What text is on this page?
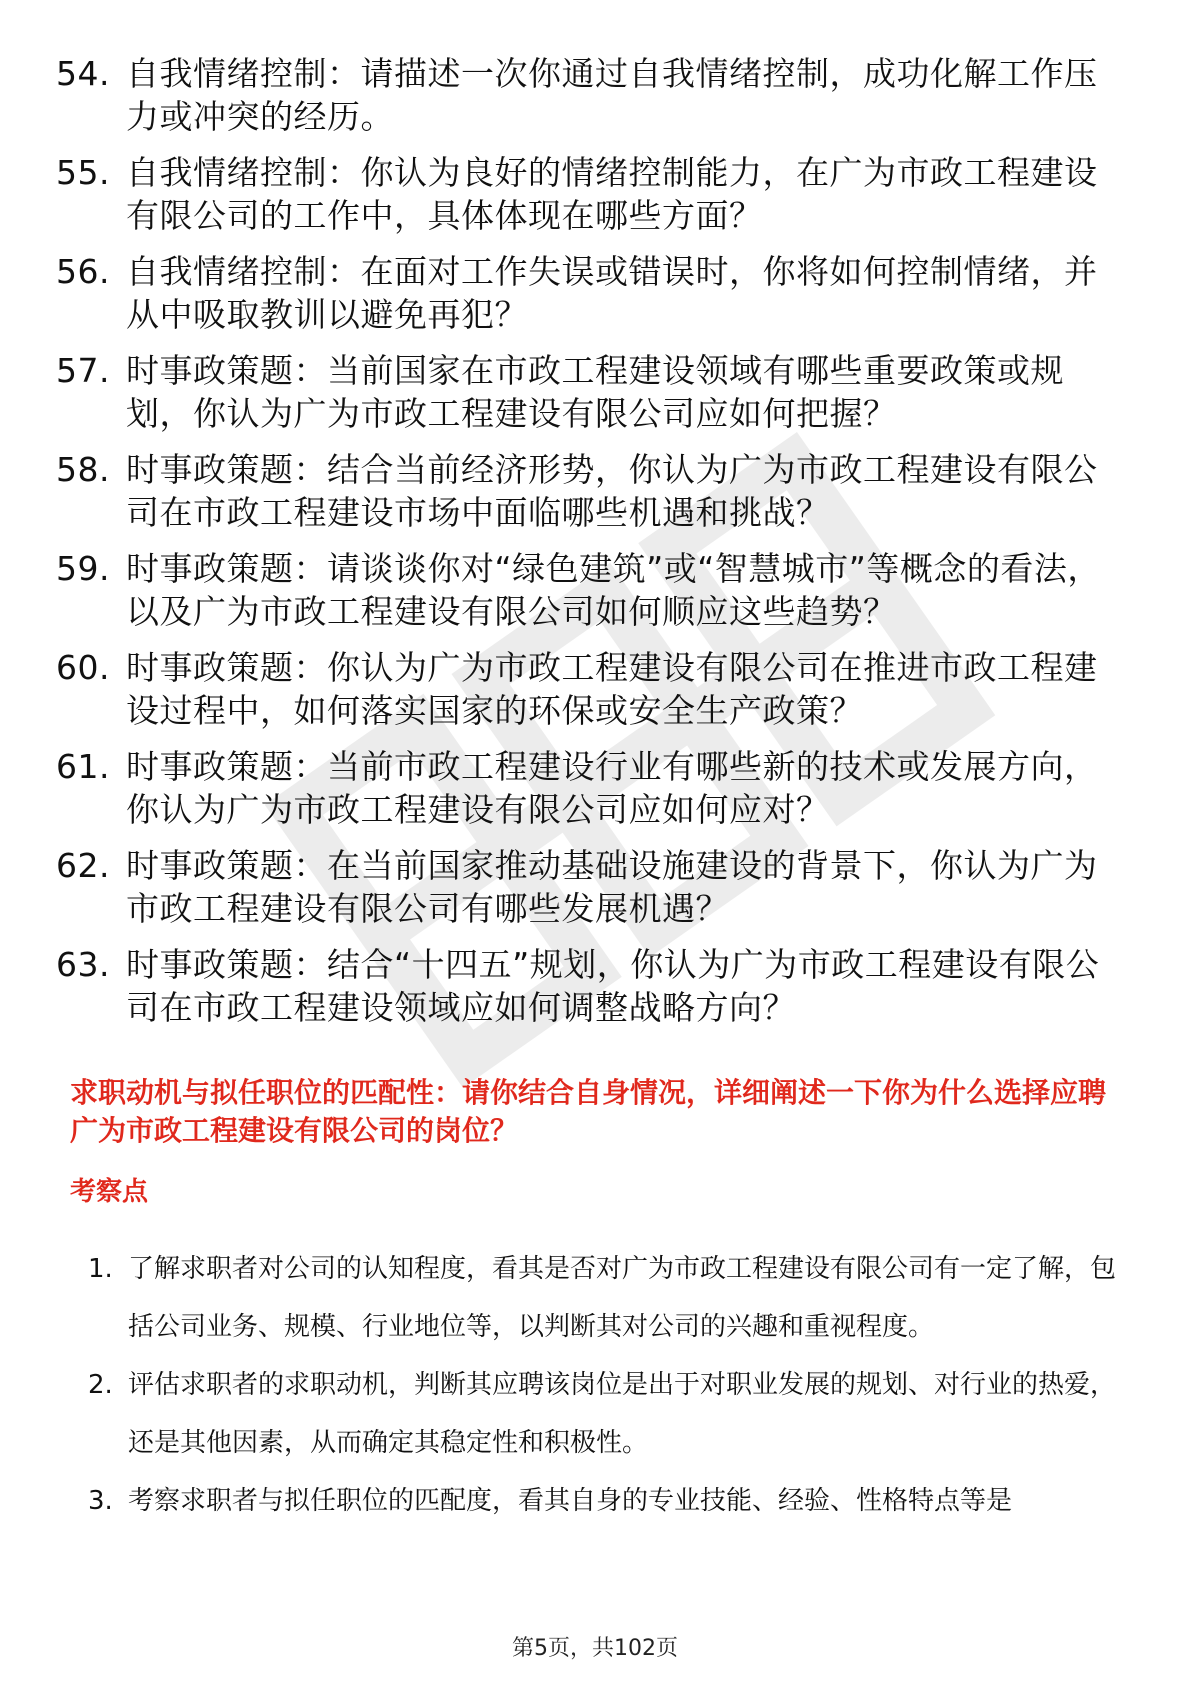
54. 自我情绪控制：请描述一次你通过自我情绪控制，成功化解工作压力或冲突的经历。
55. 自我情绪控制：你认为良好的情绪控制能力，在广为市政工程建设有限公司的工作中，具体体现在哪些方面？
56. 自我情绪控制：在面对工作失误或错误时，你将如何控制情绪，并从中吸取教训以避免再犯？
57. 时事政策题：当前国家在市政工程建设领域有哪些重要政策或规划，你认为广为市政工程建设有限公司应如何把握？
58. 时事政策题：结合当前经济形势，你认为广为市政工程建设有限公司在市政工程建设市场中面临哪些机遇和挑战？
59. 时事政策题：请谈谈你对“绿色建筑”或“智慧城市”等概念的看法，以及广为市政工程建设有限公司如何顺应这些趋势？
60. 时事政策题：你认为广为市政工程建设有限公司在推进市政工程建设过程中，如何落实国家的环保或安全生产政策？
61. 时事政策题：当前市政工程建设行业有哪些新的技术或发展方向，你认为广为市政工程建设有限公司应如何应对？
62. 时事政策题：在当前国家推动基础设施建设的背景下，你认为广为市政工程建设有限公司有哪些发展机遇？
63. 时事政策题：结合“十四五”规划，你认为广为市政工程建设有限公司在市政工程建设领域应如何调整战略方向？
求职动机与拟任职位的匹配性：请你结合自身情况，详细阐述一下你为什么选择应聘广为市政工程建设有限公司的岗位？
考察点
1. 了解求职者对公司的认知程度，看其是否对广为市政工程建设有限公司有一定了解，包括公司业务、规模、行业地位等，以判断其对公司的兴趣和重视程度。
2. 评估求职者的求职动机，判断其应聘该岗位是出于对职业发展的规划、对行业的热爱，还是其他因素，从而确定其稳定性和积极性。
3. 考察求职者与拟任职位的匹配度，看其自身的专业技能、经验、性格特点等是
第5页，共102页
